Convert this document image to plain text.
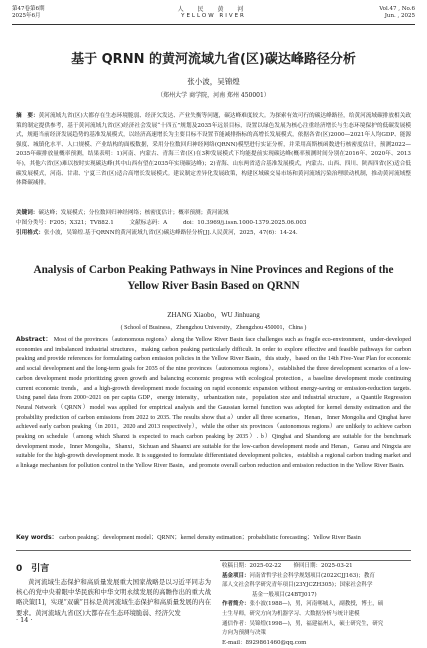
第47卷第6期
2025年6月
人 民 黄 河
YELLOW RIVER
Vol.47 , No.6
Jun. , 2025
基于 QRNN 的黄河流域九省(区)碳达峰路径分析
张小波，吴锦煌
（郑州大学 商学院，河南 郑州 450001）
摘　要：黄河流域九省(区)大都存在生态环境脆弱、经济欠发达、产业失衡等问题，碳达峰难度较大。为探索有效可行的碳达峰路径，给黄河流域碳排放相关政策的制定提供参考，基于黄河流域九省(区)经济社会发展“十四五”规划及2035年远景目标，设置以绿色发展为核心注重经济增长与生态环境保护的低碳发展模式，规避当前经济发展趋势的基准发展模式，以经济高速增长为主要目标不设置节能减排指标的高增长发展模式，依据各省(区)2000—2021年人均GDP、能源强度、城镇化水平、人口规模、产业结构的面板数据，采用分位数回归神经网络(QRNN)模型进行实证分析，并采用高斯核函数进行核密度估计，预测2022—2035年碳排放量概率预测，结果表明：1)河南、内蒙古、青海三省(区)在3种发展模式下均能提前实现碳达峰(概率预测时间分别在2016年、2020年、2013年)，其他六省(区)难以按时实现碳达峰(其中山西有望在2035年实现碳达峰)；2)青海、山东两省适合基准发展模式，内蒙古、山西、四川、陕西四省(区)适合低碳发展模式，河南、甘肃、宁夏三省(区)适合高增长发展模式。建议制定差异化发展政策，构建区域碳交易市场和黄河流域污染治理联动机制，推动黄河流域整体降碳减排。
关键词：碳达峰；发展模式；分位数回归神经网络；核密度估计；概率预测；黄河流域
中图分类号：F205；X321；TV882.1	文献标志码：A	doi：10.3969/j.issn.1000-1379.2025.06.003
引用格式：张小波，吴锦煌.基于QRNN的黄河流域九省(区)碳达峰路径分析[J].人民黄河，2025，47(6)：14-24.
Analysis of Carbon Peaking Pathways in Nine Provinces and Regions of the Yellow River Basin Based on QRNN
ZHANG Xiaobo，WU Jinhuang
( School of Business，Zhengzhou University，Zhengzhou 450001，China )
Abstract： Most of the provinces（autonomous regions）along the Yellow River Basin face challenges such as fragile eco-environment，under-developed economies and imbalanced industrial structures，making carbon peaking particularly difficult. In order to explore effective and feasible pathways for carbon peaking and provide references for formulating carbon emission policies in the Yellow River Basin，this study，based on the 14th Five-Year Plan for economic and social development and the long-term goals for 2035 of the nine provinces（autonomous regions），established the three development scenarios of a low-carbon development mode prioritizing green growth and balancing economic progress with ecological protection，a baseline development mode continuing current economic trends，and a high-growth development mode focusing on rapid economic expansion without energy-saving or emission-reduction targets. Using panel data from 2000~2021 on per capita GDP，energy intensity，urbanization rate，population size and industrial structure，a Quantile Regression Neural Network（QRNN）model was applied for empirical analysis and the Gaussian kernel function was adopted for kernel density estimation and the probability prediction of carbon emissions from 2022 to 2035. The results show that a）under all three scenarios，Henan，Inner Mongolia and Qinghai have achieved early carbon peaking（in 2011，2020 and 2013 respectively），while the other six provinces（autonomous regions）are unlikely to achieve carbon peaking on schedule（among which Shanxi is expected to reach carbon peaking by 2035）. b）Qinghai and Shandong are suitable for the benchmark development mode，Inner Mongolia，Shanxi，Sichuan and Shaanxi are suitable for the low-carbon development mode and Henan，Gansu and Ningxia are suitable for the high-growth development mode. It is suggested to formulate differentiated development policies，establish a regional carbon trading market and a linkage mechanism for pollution control in the Yellow River Basin，and promote overall carbon reduction and emission reduction in the Yellow River Basin.
Key words： carbon peaking；development model；QRNN；kernel density estimation；probabilistic forecasting；Yellow River Basin
0　引言
黄河流域生态保护和高质量发展重大国家战略是以习近平同志为核心的党中央着眼中华民族和中华文明永续发展的高瞻作出的重大战略决策[1]，实现“双碳”目标是黄河流域生态保护和高质量发展的内在要求。黄河流域九省(区)大都存在生态环境脆弱、经济欠发
收稿日期：2025-02-22 修回日期：2025-03-21
基金项目：河南省哲学社会科学规划项目(2022CJJ163)；教育
部人文社会科学研究青年项目(23YJCZH305)；国家社会科学
基金一般项目(24BTJ017)
作者简介：张小波(1988—)，男，河南郸城人，副教授，博士，硕
士生导师，研究方向为机器学习、大数据分析与统计建模
通信作者：吴锦煌(1998—)，男，福建福州人，硕士研究生，研究
方向为预测与决策
E-mail：8929861460@qq.com
· 14 ·
